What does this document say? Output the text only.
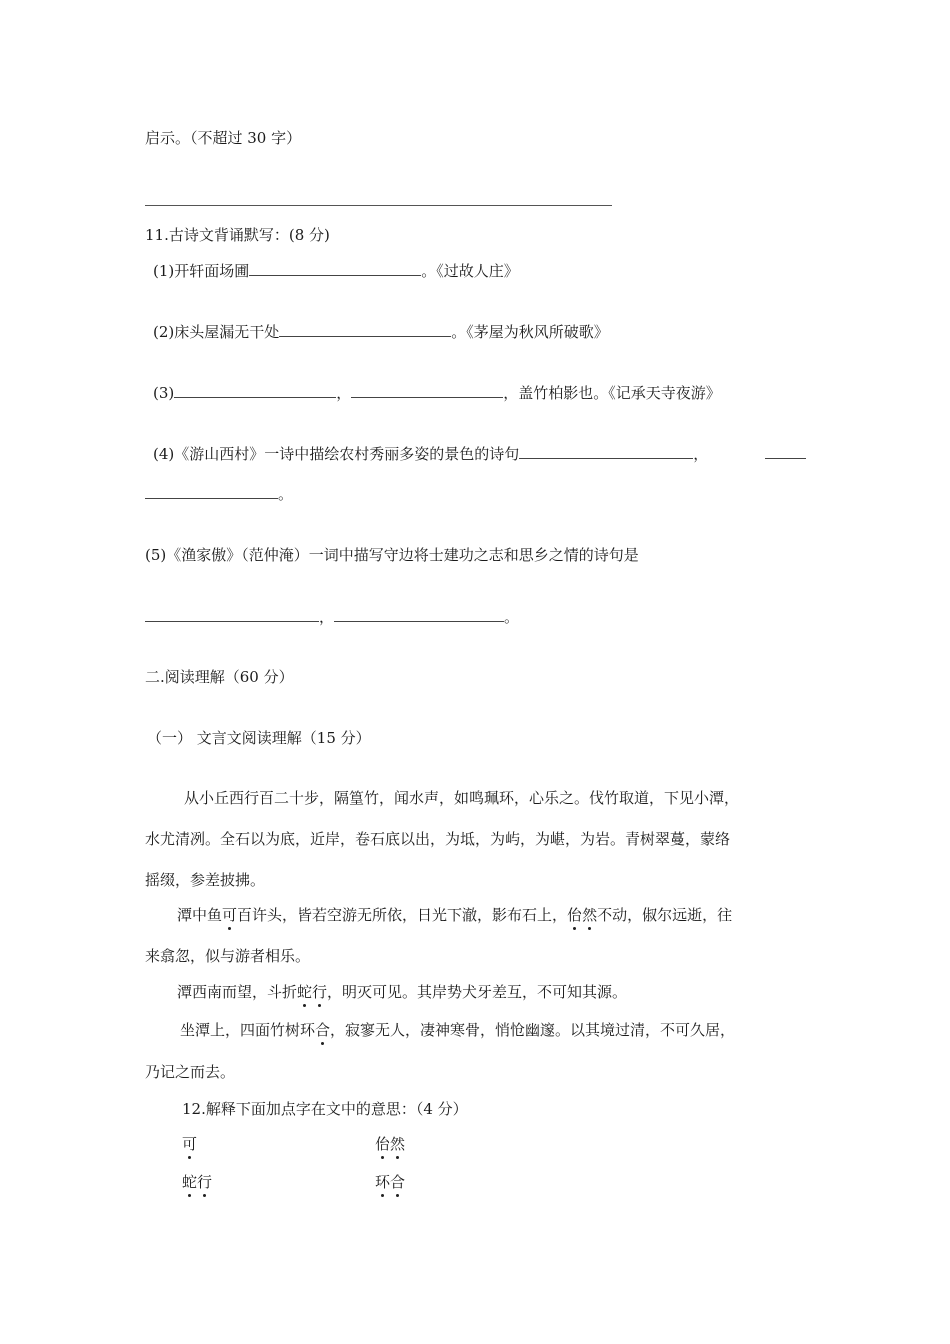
启示。（不超过 30 字）
11.古诗文背诵默写：(8 分)
(1)开轩面场圃	。《过故人庄》
(2)床头屋漏无干处	。《茅屋为秋风所破歌》
(3)	，	，盖竹柏影也。《记承天寺夜游》
(4)《游山西村》一诗中描绘农村秀丽多姿的景色的诗句	，
。
(5)《渔家傲》（范仲淹）一词中描写守边将士建功之志和思乡之情的诗句是
，	。
二.阅读理解（60 分）
（一） 文言文阅读理解（15 分）
从小丘西行百二十步，隔篁竹，闻水声，如鸣珮环，心乐之。伐竹取道，下见小潭，
水尤清冽。全石以为底，近岸，卷石底以出，为坻，为屿，为嵁，为岩。青树翠蔓，蒙络
摇缀，参差披拂。
潭中鱼可百许头，皆若空游无所依，日光下澈，影布石上，佁然不动，俶尔远逝，往
来翕忽，似与游者相乐。
潭西南而望，斗折蛇行，明灭可见。其岸势犬牙差互，不可知其源。
坐潭上，四面竹树环合，寂寥无人，凄神寒骨，悄怆幽邃。以其境过清，不可久居，
乃记之而去。
12.解释下面加点字在文中的意思：（4 分）
可	佁然
蛇行	环合
